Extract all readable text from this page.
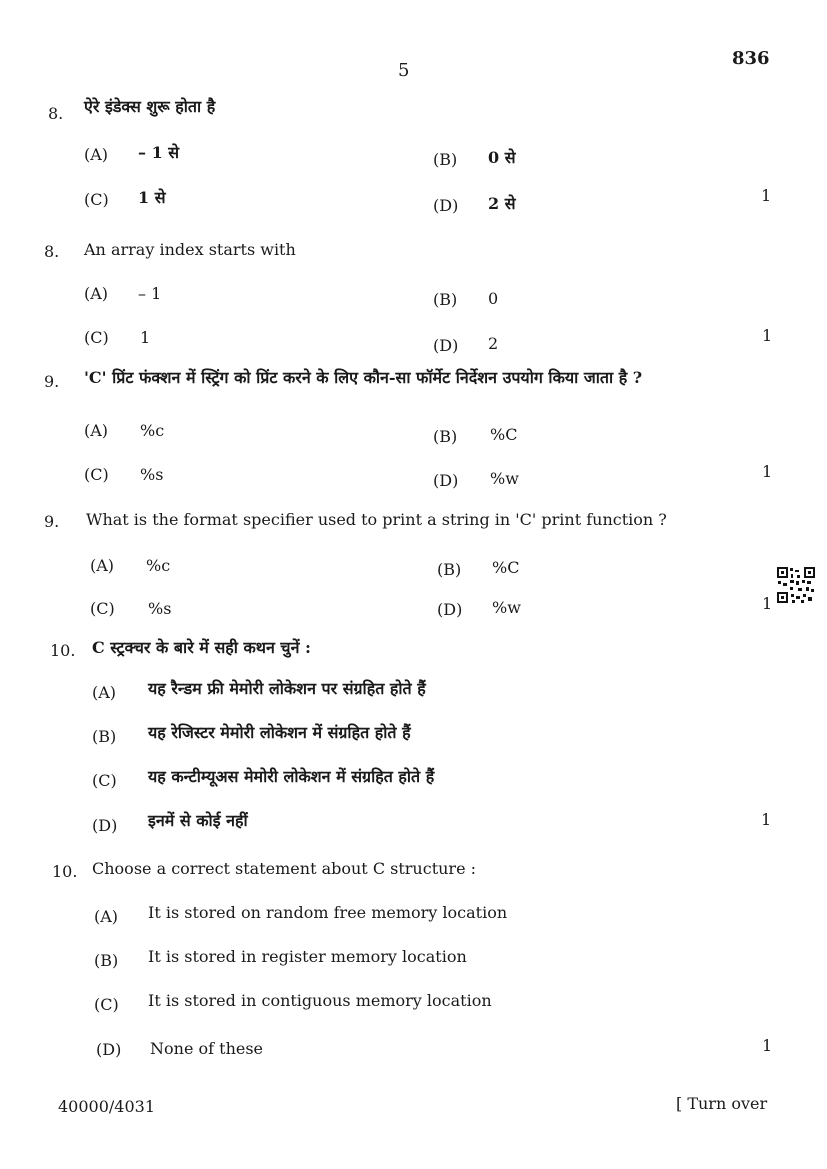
5
836
8. ऐरे इंडेक्स शुरू होता है
(A) – 1 से	(B) 0 से
(C) 1 से	(D) 2 से	1
8. An array index starts with
(A) – 1	(B) 0
(C) 1	(D) 2	1
9. 'C' प्रिंट फंक्शन में स्ट्रिंग को प्रिंट करने के लिए कौन-सा फॉर्मेट निर्देशन उपयोग किया जाता है ?
(A) %c	(B) %C
(C) %s	(D) %w	1
9. What is the format specifier used to print a string in 'C' print function ?
(A) %c	(B) %C
(C) %s	(D) %w	1
10. C स्ट्रक्चर के बारे में सही कथन चुनें :
(A) यह रैन्डम फ्री मेमोरी लोकेशन पर संग्रहित होते हैं
(B) यह रेजिस्टर मेमोरी लोकेशन में संग्रहित होते हैं
(C) यह कन्टीम्यूअस मेमोरी लोकेशन में संग्रहित होते हैं
(D) इनमें से कोई नहीं	1
10. Choose a correct statement about C structure :
(A) It is stored on random free memory location
(B) It is stored in register memory location
(C) It is stored in contiguous memory location
(D) None of these	1
40000/4031	[ Turn over
